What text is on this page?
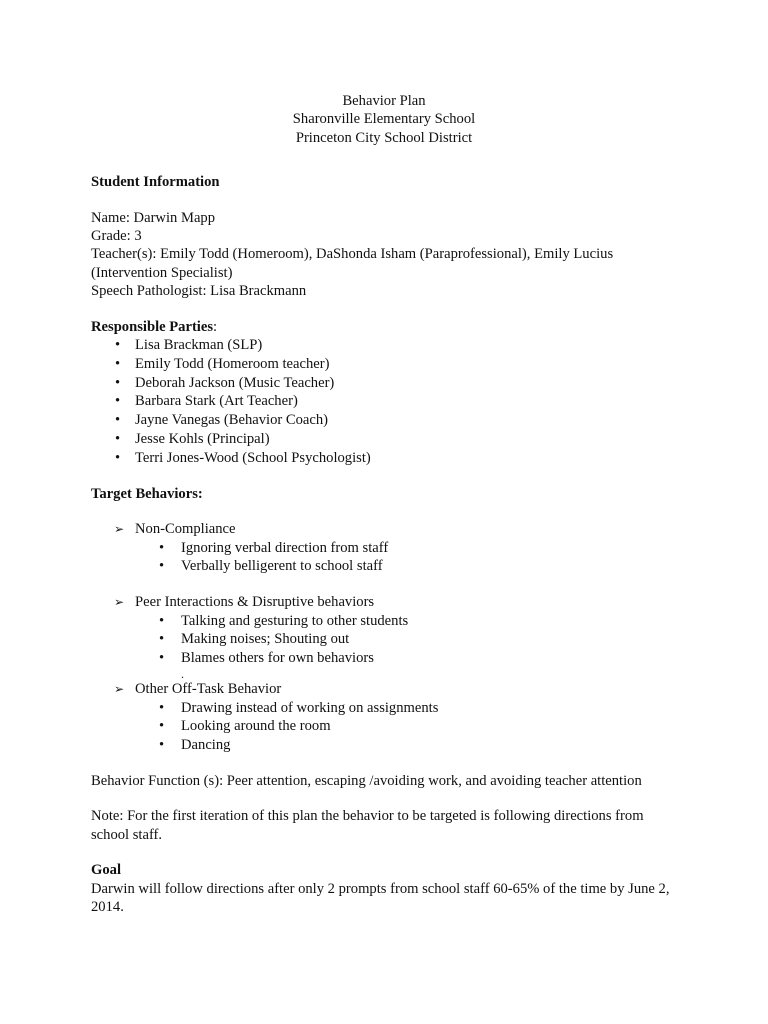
Behavior Plan
Sharonville Elementary School
Princeton City School District
Student Information
Name: Darwin Mapp
Grade: 3
Teacher(s): Emily Todd (Homeroom), DaShonda Isham (Paraprofessional), Emily Lucius (Intervention Specialist)
Speech Pathologist: Lisa Brackmann
Responsible Parties:
• Lisa Brackman (SLP)
• Emily Todd (Homeroom teacher)
• Deborah Jackson (Music Teacher)
• Barbara Stark (Art Teacher)
• Jayne Vanegas (Behavior Coach)
• Jesse Kohls (Principal)
• Terri Jones-Wood (School Psychologist)
Target Behaviors:
➢ Non-Compliance
• Ignoring verbal direction from staff
• Verbally belligerent to school staff
➢ Peer Interactions & Disruptive behaviors
• Talking and gesturing to other students
• Making noises; Shouting out
• Blames others for own behaviors
.
➢ Other Off-Task Behavior
• Drawing instead of working on assignments
• Looking around the room
• Dancing
Behavior Function (s): Peer attention, escaping /avoiding work, and avoiding teacher attention
Note: For the first iteration of this plan the behavior to be targeted is following directions from school staff.
Goal
Darwin will follow directions after only 2 prompts from school staff 60-65% of the time by June 2, 2014.
